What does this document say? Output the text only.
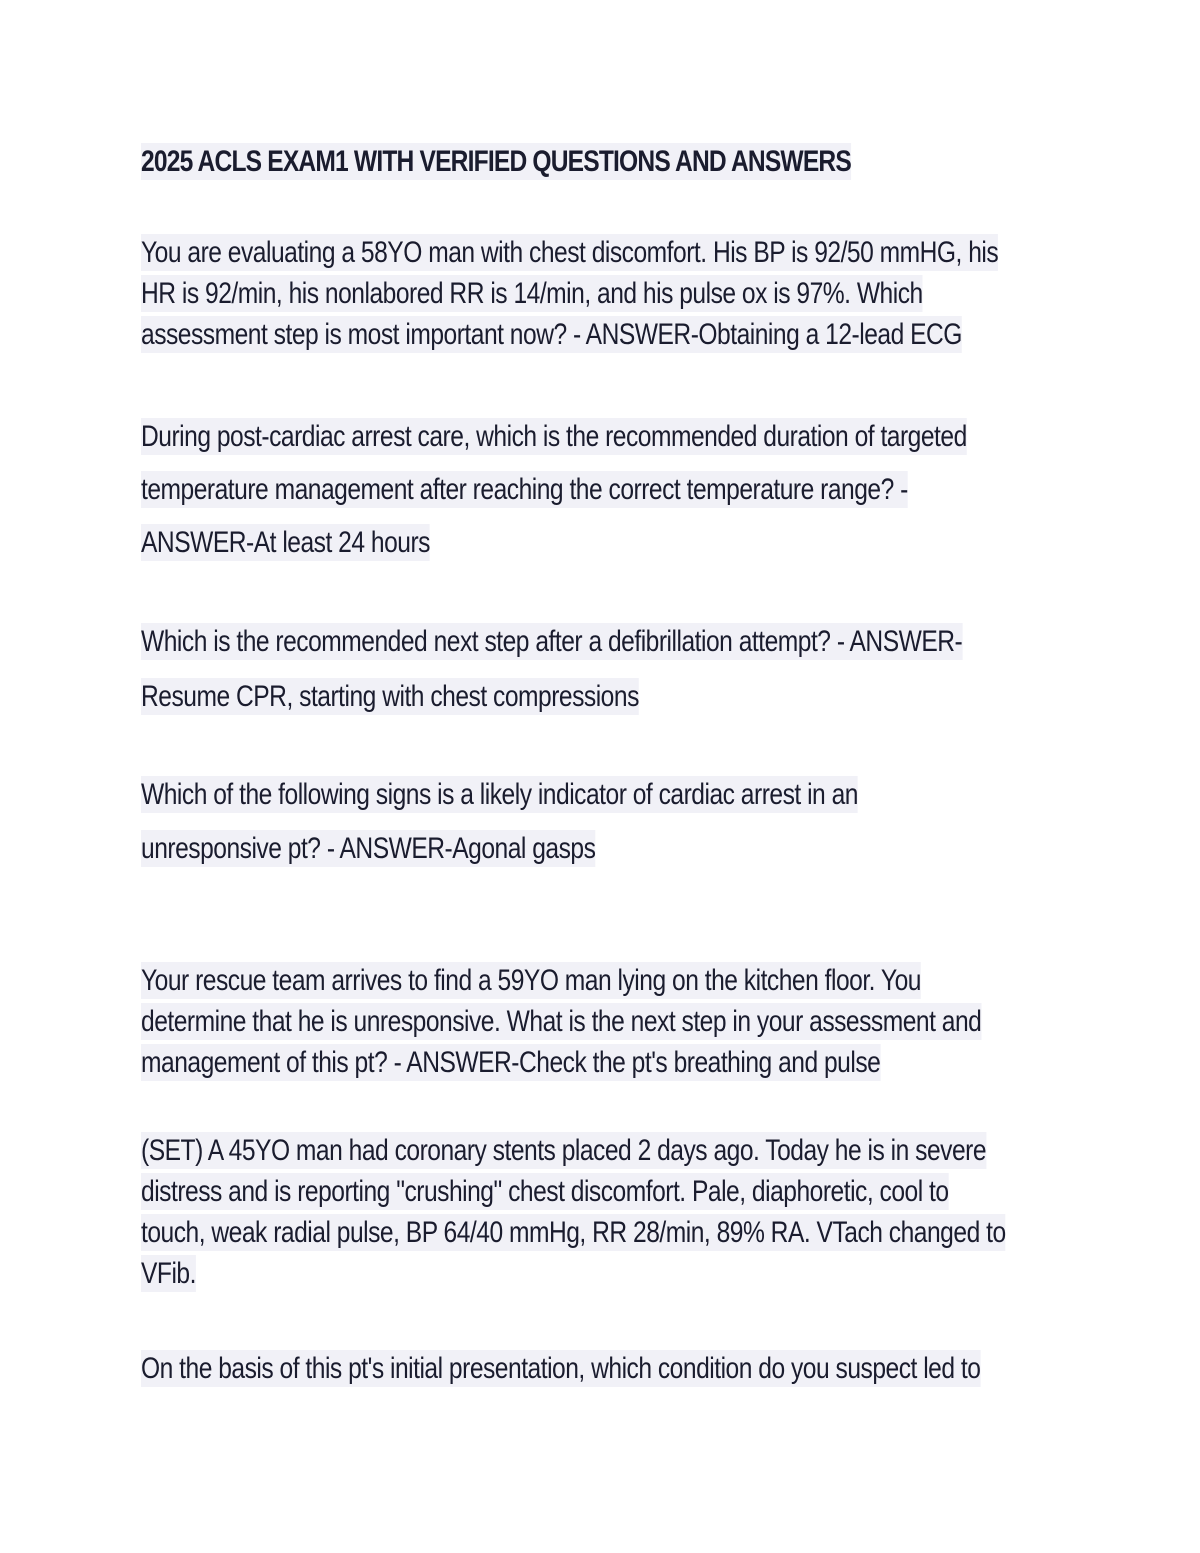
2025 ACLS EXAM1 WITH VERIFIED QUESTIONS AND ANSWERS
You are evaluating a 58YO man with chest discomfort. His BP is 92/50 mmHG, his
HR is 92/min, his nonlabored RR is 14/min, and his pulse ox is 97%. Which
assessment step is most important now? - ANSWER-Obtaining a 12-lead ECG
During post-cardiac arrest care, which is the recommended duration of targeted
temperature management after reaching the correct temperature range? -
ANSWER-At least 24 hours
Which is the recommended next step after a defibrillation attempt? - ANSWER-
Resume CPR, starting with chest compressions
Which of the following signs is a likely indicator of cardiac arrest in an
unresponsive pt? - ANSWER-Agonal gasps
Your rescue team arrives to find a 59YO man lying on the kitchen floor. You
determine that he is unresponsive. What is the next step in your assessment and
management of this pt? - ANSWER-Check the pt's breathing and pulse
(SET) A 45YO man had coronary stents placed 2 days ago. Today he is in severe
distress and is reporting "crushing" chest discomfort. Pale, diaphoretic, cool to
touch, weak radial pulse, BP 64/40 mmHg, RR 28/min, 89% RA. VTach changed to
VFib.
On the basis of this pt's initial presentation, which condition do you suspect led to
